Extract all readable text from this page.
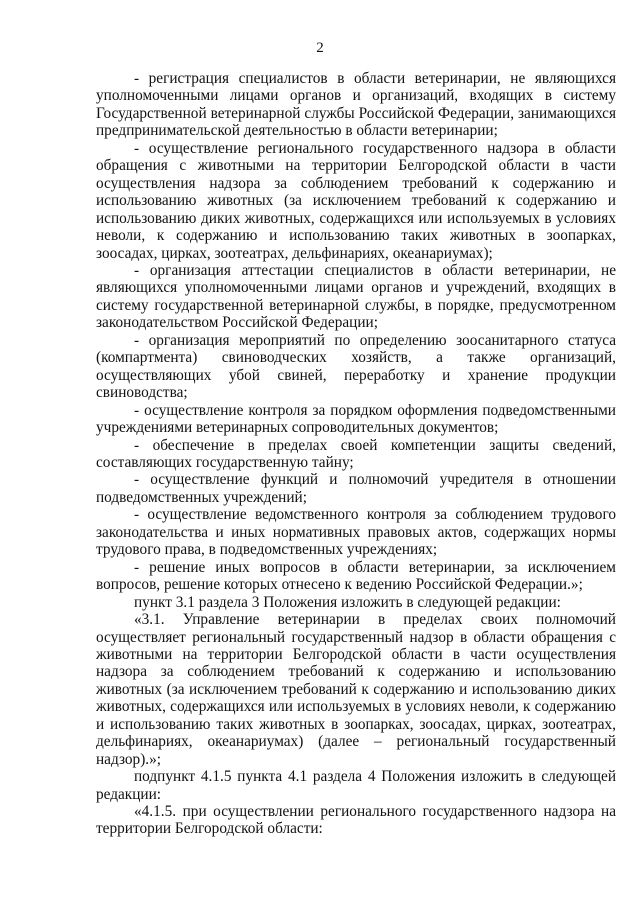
2

- регистрация специалистов в области ветеринарии, не являющихся уполномоченными лицами органов и организаций, входящих в систему Государственной ветеринарной службы Российской Федерации, занимающихся предпринимательской деятельностью в области ветеринарии;

- осуществление регионального государственного надзора в области обращения с животными на территории Белгородской области в части осуществления надзора за соблюдением требований к содержанию и использованию животных (за исключением требований к содержанию и использованию диких животных, содержащихся или используемых в условиях неволи, к содержанию и использованию таких животных в зоопарках, зоосадах, цирках, зоотеатрах, дельфинариях, океанариумах);

- организация аттестации специалистов в области ветеринарии, не являющихся уполномоченными лицами органов и учреждений, входящих в систему государственной ветеринарной службы, в порядке, предусмотренном законодательством Российской Федерации;

- организация мероприятий по определению зоосанитарного статуса (компартмента) свиноводческих хозяйств, а также организаций, осуществляющих убой свиней, переработку и хранение продукции свиноводства;

- осуществление контроля за порядком оформления подведомственными учреждениями ветеринарных сопроводительных документов;

- обеспечение в пределах своей компетенции защиты сведений, составляющих государственную тайну;

- осуществление функций и полномочий учредителя в отношении подведомственных учреждений;

- осуществление ведомственного контроля за соблюдением трудового законодательства и иных нормативных правовых актов, содержащих нормы трудового права, в подведомственных учреждениях;

- решение иных вопросов в области ветеринарии, за исключением вопросов, решение которых отнесено к ведению Российской Федерации.»;

пункт 3.1 раздела 3 Положения изложить в следующей редакции:

«3.1. Управление ветеринарии в пределах своих полномочий осуществляет региональный государственный надзор в области обращения с животными на территории Белгородской области в части осуществления надзора за соблюдением требований к содержанию и использованию животных (за исключением требований к содержанию и использованию диких животных, содержащихся или используемых в условиях неволи, к содержанию и использованию таких животных в зоопарках, зоосадах, цирках, зоотеатрах, дельфинариях, океанариумах) (далее – региональный государственный надзор).»;

подпункт 4.1.5 пункта 4.1 раздела 4 Положения изложить в следующей редакции:

«4.1.5. при осуществлении регионального государственного надзора на территории Белгородской области:
